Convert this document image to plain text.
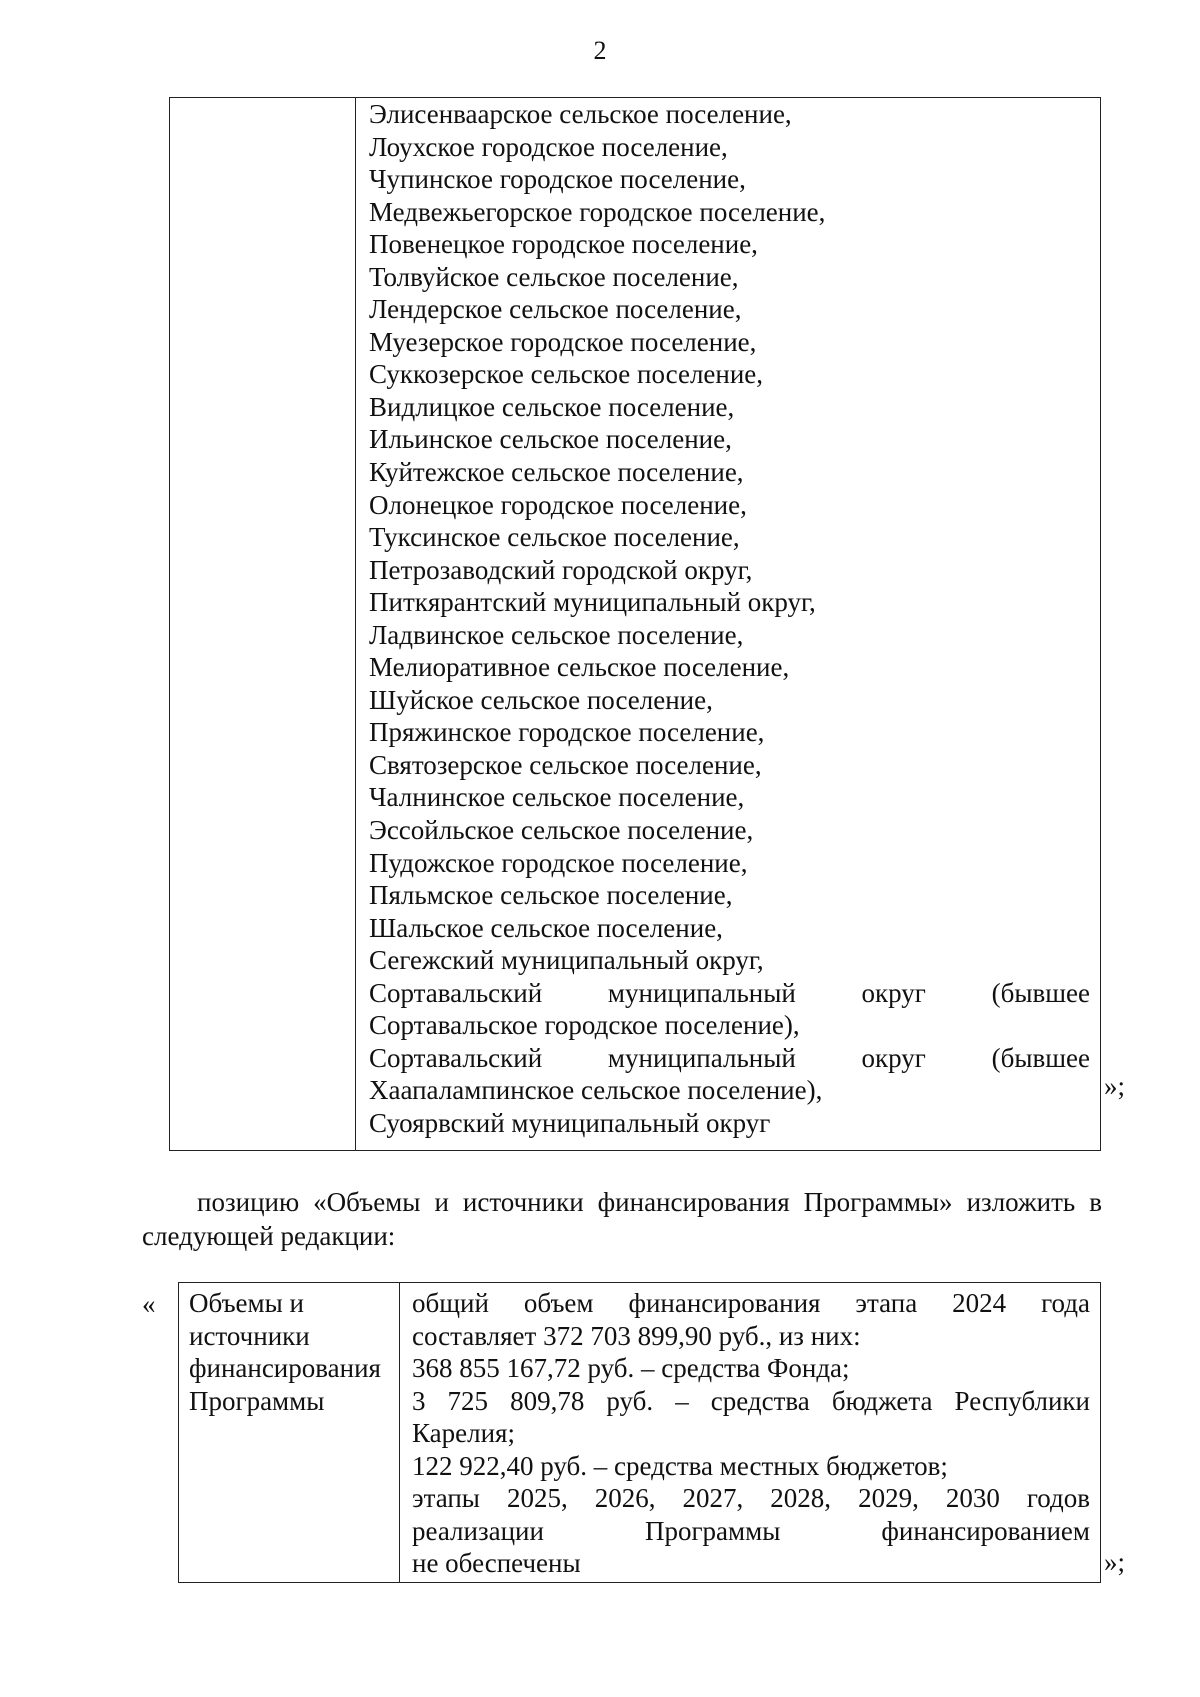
2
Элисенваарское сельское поселение,
Лоухское городское поселение,
Чупинское городское поселение,
Медвежьегорское городское поселение,
Повенецкое городское поселение,
Толвуйское сельское поселение,
Лендерское сельское поселение,
Муезерское городское поселение,
Суккозерское сельское поселение,
Видлицкое сельское поселение,
Ильинское сельское поселение,
Куйтежское сельское поселение,
Олонецкое городское поселение,
Туксинское сельское поселение,
Петрозаводский городской округ,
Питкярантский муниципальный округ,
Ладвинское сельское поселение,
Мелиоративное сельское поселение,
Шуйское сельское поселение,
Пряжинское городское поселение,
Святозерское сельское поселение,
Чалнинское сельское поселение,
Эссойльское сельское поселение,
Пудожское городское поселение,
Пяльмское сельское поселение,
Шальское сельское поселение,
Сегежский муниципальный округ,
Сортавальский муниципальный округ (бывшее
Сортавальское городское поселение),
Сортавальский муниципальный округ (бывшее
Хаапалампинское сельское поселение),
Суоярвский муниципальный округ
»;
позицию «Объемы и источники финансирования Программы» изложить в
следующей редакции:
« Объемы и
источники
финансирования
Программы
общий объем финансирования этапа 2024 года
составляет 372 703 899,90 руб., из них:
368 855 167,72 руб. – средства Фонда;
3 725 809,78 руб. – средства бюджета Республики
Карелия;
122 922,40 руб. – средства местных бюджетов;
этапы 2025, 2026, 2027, 2028, 2029, 2030 годов
реализации Программы финансированием
не обеспечены	»;
